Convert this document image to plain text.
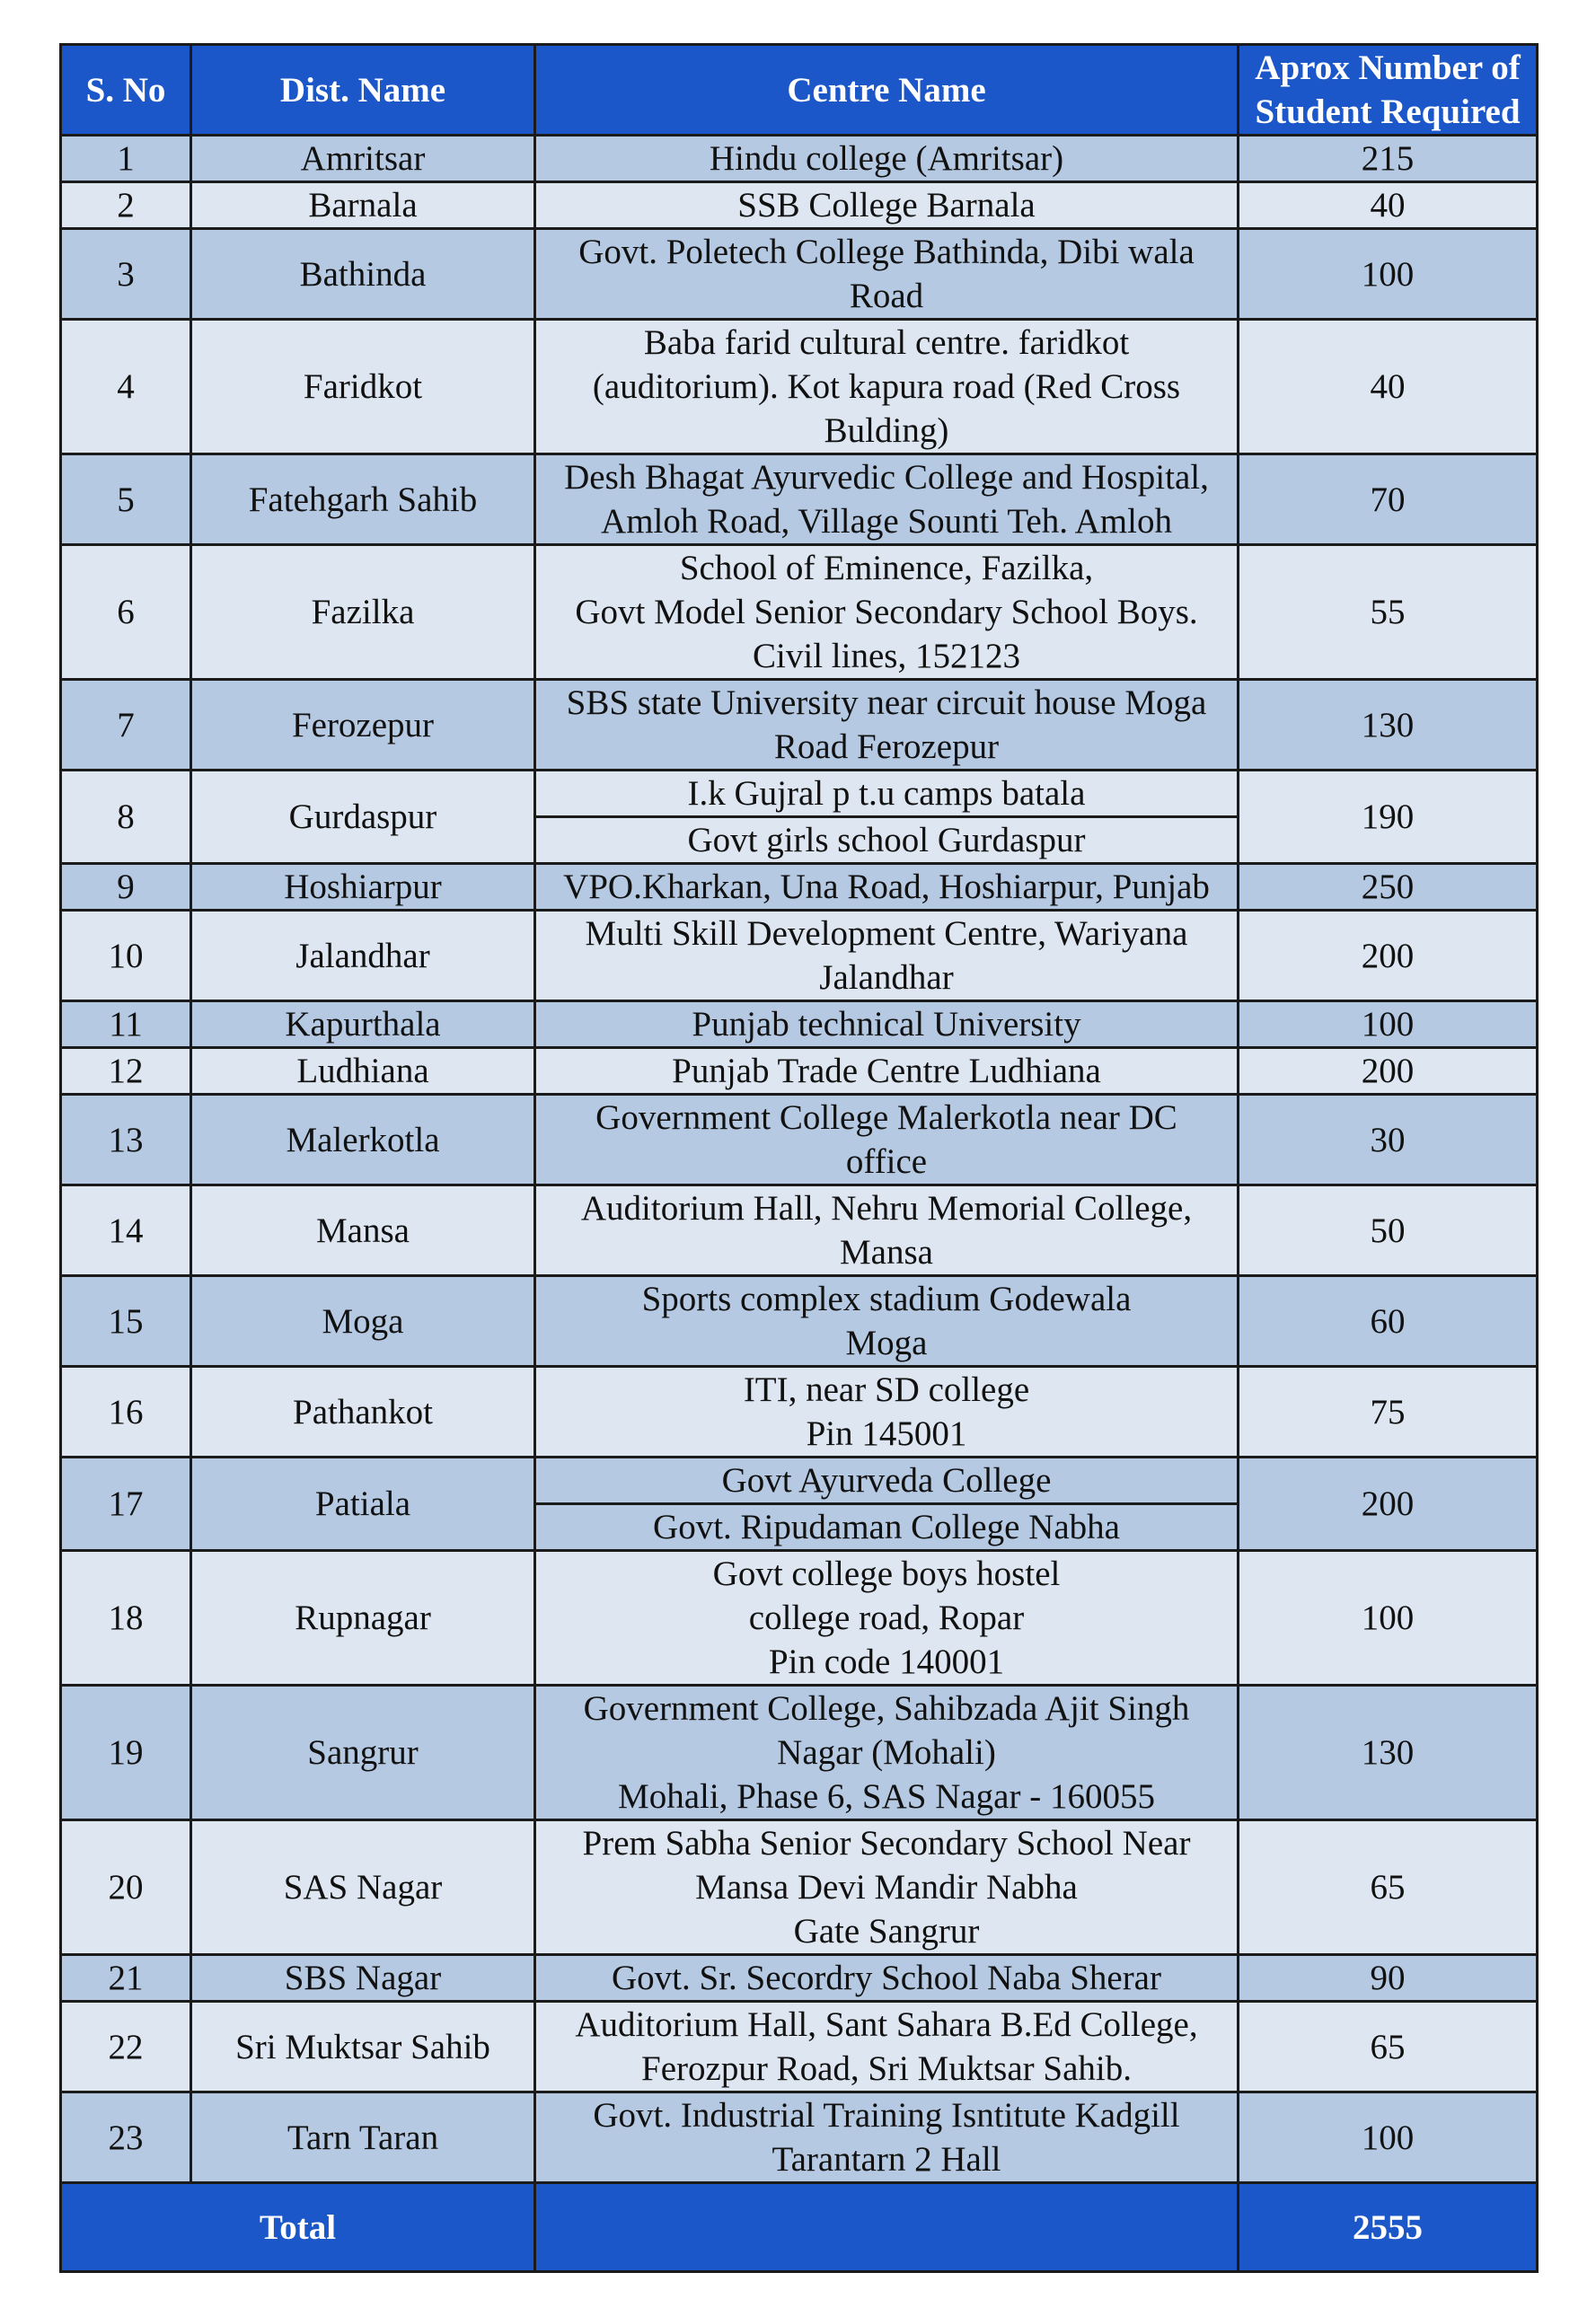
S. No	Dist. Name	Centre Name	Aprox Number of
Student Required

1	Amritsar	Hindu college (Amritsar)	215
2	Barnala	SSB College Barnala	40
3	Bathinda	Govt. Poletech College Bathinda, Dibi wala
Road	100
4	Faridkot	Baba farid cultural centre. faridkot
(auditorium). Kot kapura road (Red Cross
Bulding)	40
5	Fatehgarh Sahib	Desh Bhagat Ayurvedic College and Hospital,
Amloh Road, Village Sounti Teh. Amloh	70
6	Fazilka	School of Eminence, Fazilka,
Govt Model Senior Secondary School Boys.
Civil lines, 152123	55
7	Ferozepur	SBS state University near circuit house Moga
Road Ferozepur	130
8	Gurdaspur	I.k Gujral p t.u camps batala
Govt girls school Gurdaspur	190
9	Hoshiarpur	VPO.Kharkan, Una Road, Hoshiarpur, Punjab	250
10	Jalandhar	Multi Skill Development Centre, Wariyana
Jalandhar	200
11	Kapurthala	Punjab technical University	100
12	Ludhiana	Punjab Trade Centre Ludhiana	200
13	Malerkotla	Government College Malerkotla near DC
office	30
14	Mansa	Auditorium Hall, Nehru Memorial College,
Mansa	50
15	Moga	Sports complex stadium Godewala
Moga	60
16	Pathankot	ITI, near SD college
Pin 145001	75
17	Patiala	Govt Ayurveda College
Govt. Ripudaman College Nabha	200
18	Rupnagar	Govt college boys hostel
college road, Ropar
Pin code 140001	100
19	Sangrur	Government College, Sahibzada Ajit Singh
Nagar (Mohali)
Mohali, Phase 6, SAS Nagar - 160055	130
20	SAS Nagar	Prem Sabha Senior Secondary School Near
Mansa Devi Mandir Nabha
Gate Sangrur	65
21	SBS Nagar	Govt. Sr. Secordry School Naba Sherar	90
22	Sri Muktsar Sahib	Auditorium Hall, Sant Sahara B.Ed College,
Ferozpur Road, Sri Muktsar Sahib.	65
23	Tarn Taran	Govt. Industrial Training Isntitute Kadgill
Tarantarn 2 Hall	100
Total			2555
